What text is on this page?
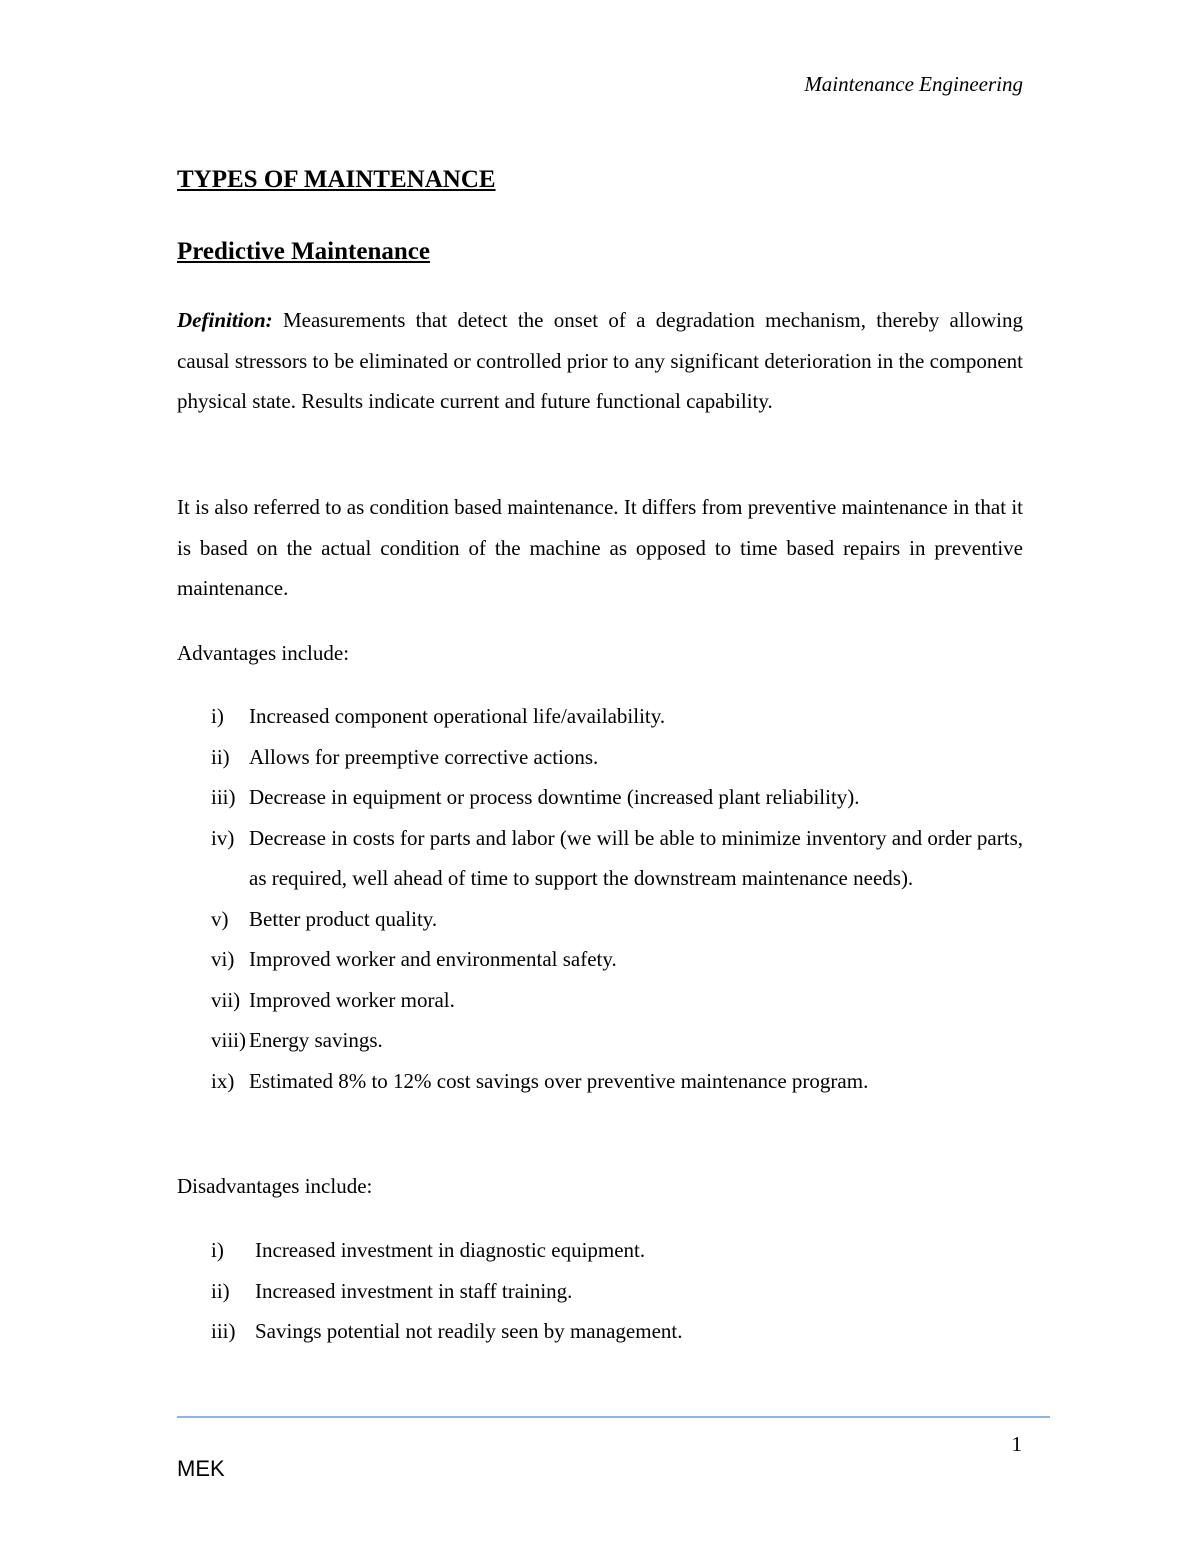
Maintenance Engineering
TYPES OF MAINTENANCE
Predictive Maintenance

Definition: Measurements that detect the onset of a degradation mechanism, thereby allowing causal stressors to be eliminated or controlled prior to any significant deterioration in the component physical state. Results indicate current and future functional capability.

It is also referred to as condition based maintenance. It differs from preventive maintenance in that it is based on the actual condition of the machine as opposed to time based repairs in preventive maintenance.

Advantages include:

i)	Increased component operational life/availability.
ii) Allows for preemptive corrective actions.
iii) Decrease in equipment or process downtime (increased plant reliability).
iv) Decrease in costs for parts and labor (we will be able to minimize inventory and order parts, as required, well ahead of time to support the downstream maintenance needs).
v) Better product quality.
vi) Improved worker and environmental safety.
vii) Improved worker moral.
viii) Energy savings.
ix) Estimated 8% to 12% cost savings over preventive maintenance program.

Disadvantages include:

i)	Increased investment in diagnostic equipment.
ii)	Increased investment in staff training.
iii) Savings potential not readily seen by management.
1
MEK
